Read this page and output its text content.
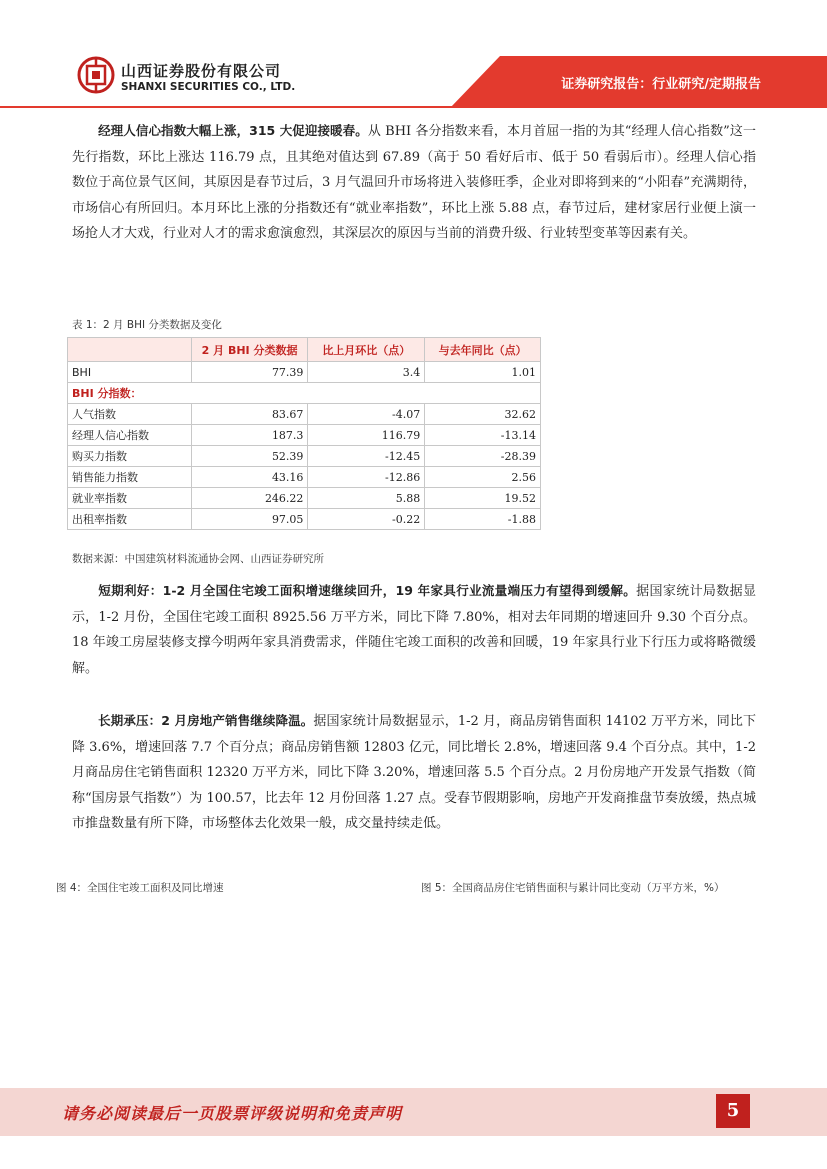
山西证券股份有限公司
SHANXI SECURITIES CO., LTD.	证券研究报告：行业研究/定期报告

经理人信心指数大幅上涨，315 大促迎接暖春。从 BHI 各分指数来看，本月首屈一指的为其“经理人信心指数”这一先行指数，环比上涨达 116.79 点，且其绝对值达到 67.89（高于 50 看好后市、低于 50 看弱后市）。经理人信心指数位于高位景气区间，其原因是春节过后，3 月气温回升市场将进入装修旺季，企业对即将到来的“小阳春”充满期待，市场信心有所回归。本月环比上涨的分指数还有“就业率指数”，环比上涨 5.88 点，春节过后，建材家居行业便上演一场抢人才大戏，行业对人才的需求愈演愈烈，其深层次的原因与当前的消费升级、行业转型变革等因素有关。

表 1：2 月 BHI 分类数据及变化
	2 月 BHI 分类数据	比上月环比（点）	与去年同比（点）
BHI	77.39	3.4	1.01
BHI 分指数：			
人气指数	83.67	-4.07	32.62
经理人信心指数	187.3	116.79	-13.14
购买力指数	52.39	-12.45	-28.39
销售能力指数	43.16	-12.86	2.56
就业率指数	246.22	5.88	19.52
出租率指数	97.05	-0.22	-1.88
数据来源：中国建筑材料流通协会网、山西证券研究所

短期利好：1-2 月全国住宅竣工面积增速继续回升，19 年家具行业流量端压力有望得到缓解。据国家统计局数据显示，1-2 月份，全国住宅竣工面积 8925.56 万平方米，同比下降 7.80%，相对去年同期的增速回升 9.30 个百分点。18 年竣工房屋装修支撑今明两年家具消费需求，伴随住宅竣工面积的改善和回暖，19 年家具行业下行压力或将略微缓解。

长期承压：2 月房地产销售继续降温。据国家统计局数据显示，1-2 月，商品房销售面积 14102 万平方米，同比下降 3.6%，增速回落 7.7 个百分点；商品房销售额 12803 亿元，同比增长 2.8%，增速回落 9.4 个百分点。其中，1-2 月商品房住宅销售面积 12320 万平方米，同比下降 3.20%，增速回落 5.5 个百分点。2 月份房地产开发景气指数（简称“国房景气指数”）为 100.57，比去年 12 月份回落 1.27 点。受春节假期影响，房地产开发商推盘节奏放缓，热点城市推盘数量有所下降，市场整体去化效果一般，成交量持续走低。

图 4：全国住宅竣工面积及同比增速	图 5：全国商品房住宅销售面积与累计同比变动（万平方米，%）
请务必阅读最后一页股票评级说明和免责声明	5
